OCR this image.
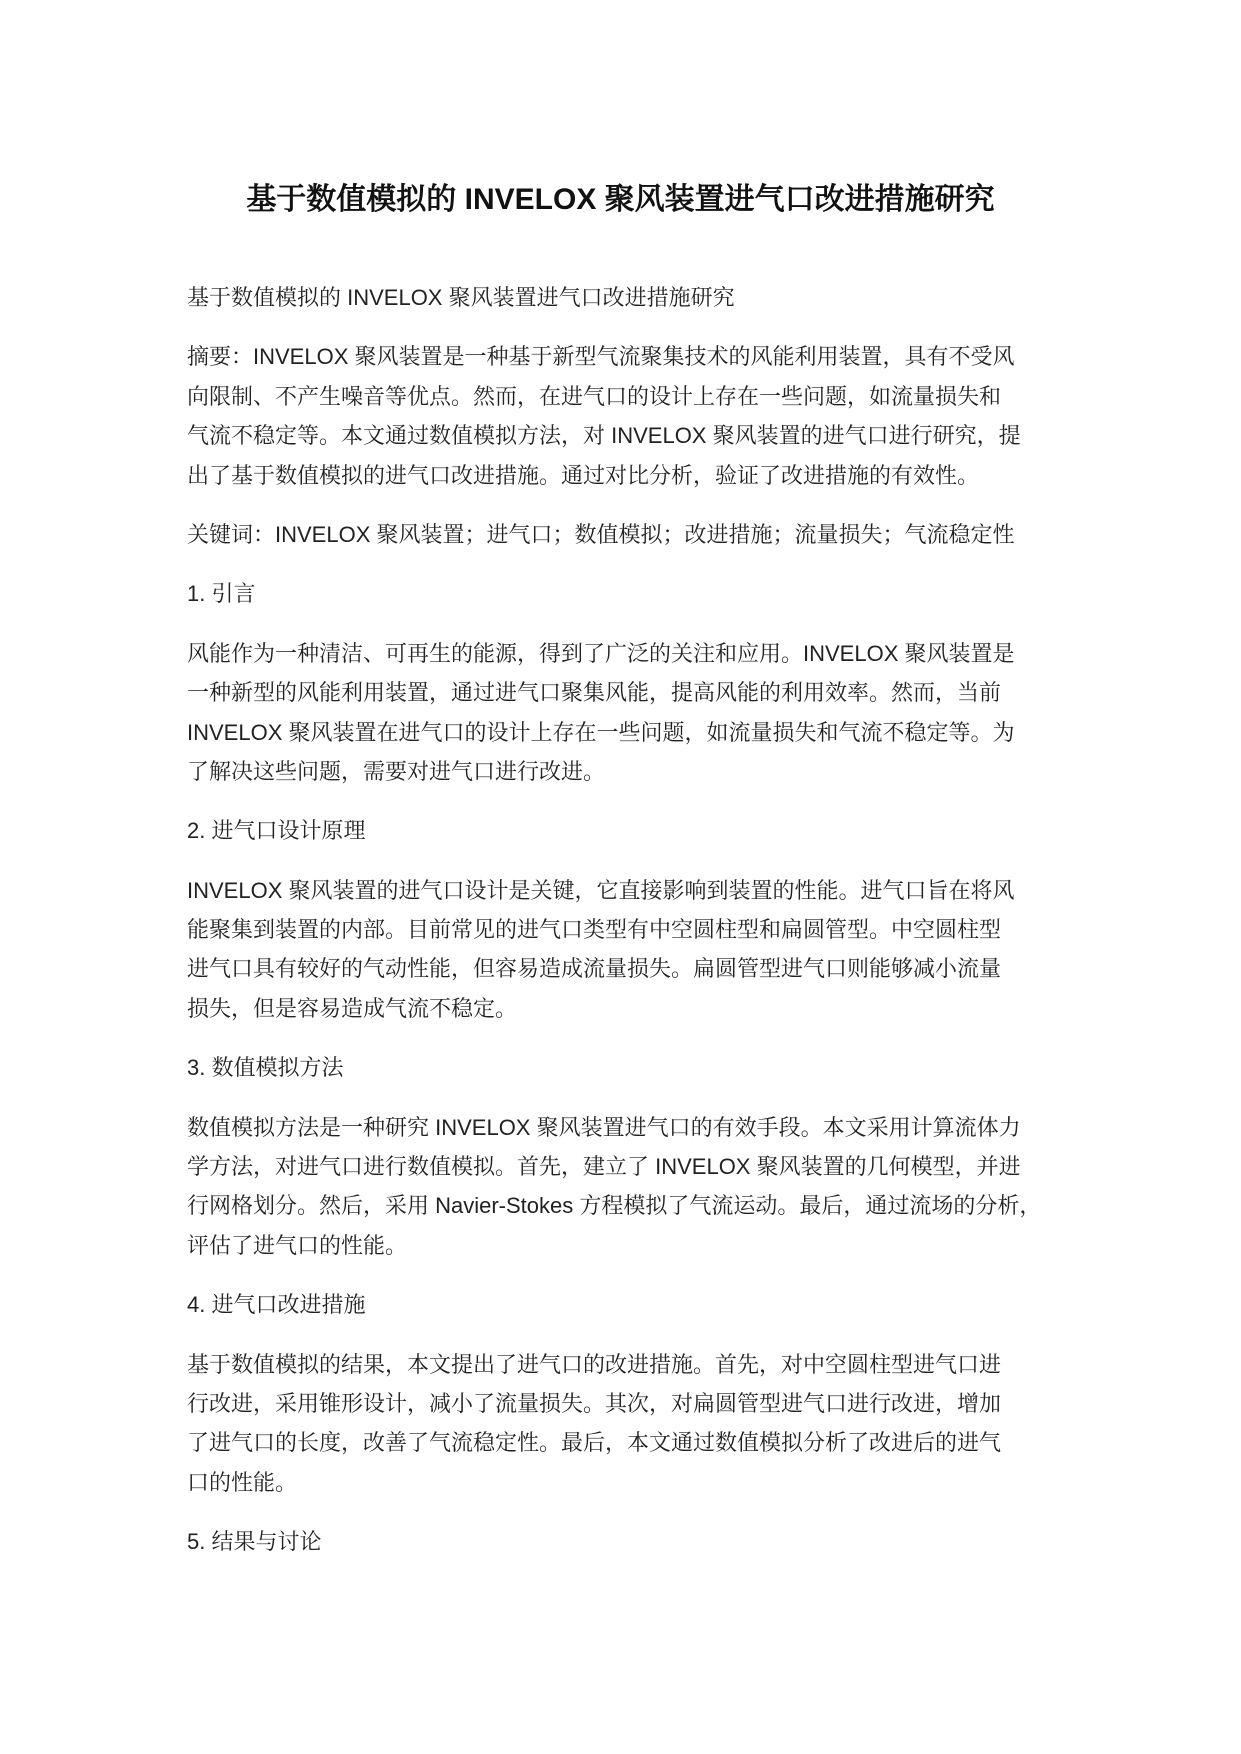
基于数值模拟的 INVELOX 聚风装置进气口改进措施研究
基于数值模拟的 INVELOX 聚风装置进气口改进措施研究
摘要：INVELOX 聚风装置是一种基于新型气流聚集技术的风能利用装置，具有不受风
向限制、不产生噪音等优点。然而，在进气口的设计上存在一些问题，如流量损失和
气流不稳定等。本文通过数值模拟方法，对 INVELOX 聚风装置的进气口进行研究，提
出了基于数值模拟的进气口改进措施。通过对比分析，验证了改进措施的有效性。
关键词：INVELOX 聚风装置；进气口；数值模拟；改进措施；流量损失；气流稳定性
1. 引言
风能作为一种清洁、可再生的能源，得到了广泛的关注和应用。INVELOX 聚风装置是
一种新型的风能利用装置，通过进气口聚集风能，提高风能的利用效率。然而，当前
INVELOX 聚风装置在进气口的设计上存在一些问题，如流量损失和气流不稳定等。为
了解决这些问题，需要对进气口进行改进。
2. 进气口设计原理
INVELOX 聚风装置的进气口设计是关键，它直接影响到装置的性能。进气口旨在将风
能聚集到装置的内部。目前常见的进气口类型有中空圆柱型和扁圆管型。中空圆柱型
进气口具有较好的气动性能，但容易造成流量损失。扁圆管型进气口则能够减小流量
损失，但是容易造成气流不稳定。
3. 数值模拟方法
数值模拟方法是一种研究 INVELOX 聚风装置进气口的有效手段。本文采用计算流体力
学方法，对进气口进行数值模拟。首先，建立了 INVELOX 聚风装置的几何模型，并进
行网格划分。然后，采用 Navier-Stokes 方程模拟了气流运动。最后，通过流场的分析，
评估了进气口的性能。
4. 进气口改进措施
基于数值模拟的结果，本文提出了进气口的改进措施。首先，对中空圆柱型进气口进
行改进，采用锥形设计，减小了流量损失。其次，对扁圆管型进气口进行改进，增加
了进气口的长度，改善了气流稳定性。最后，本文通过数值模拟分析了改进后的进气
口的性能。
5. 结果与讨论
